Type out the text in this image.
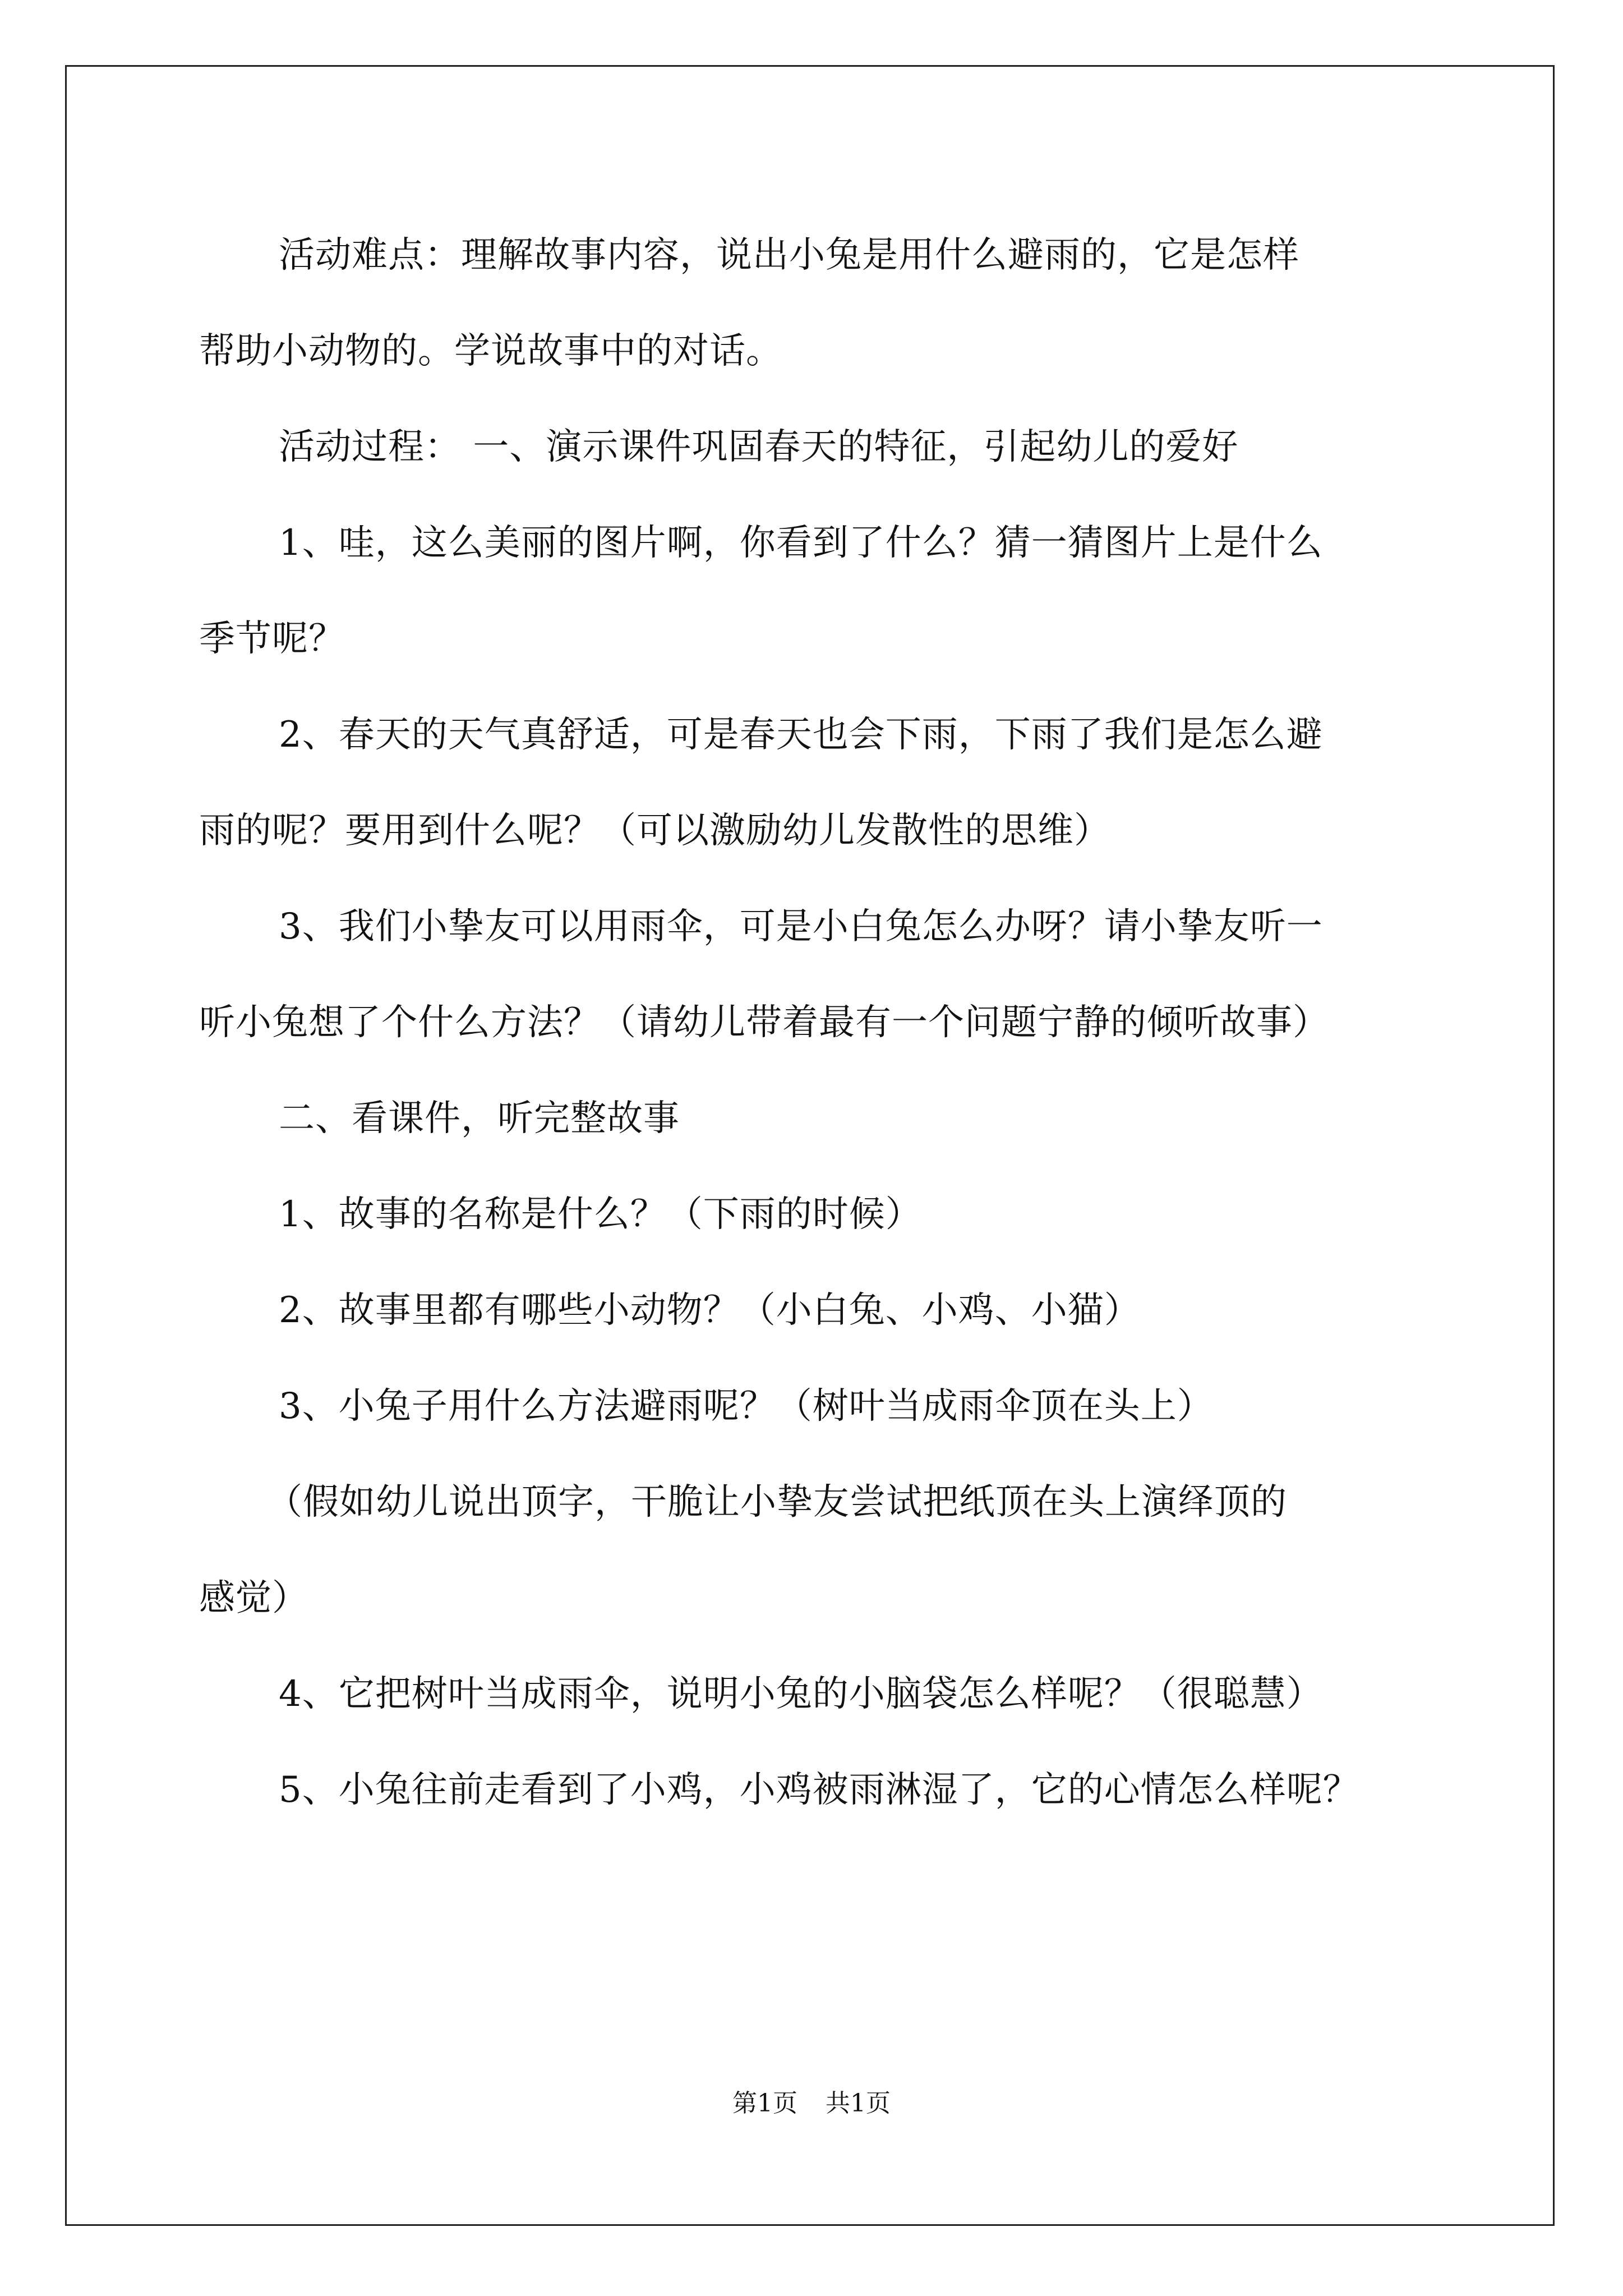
活动难点：理解故事内容，说出小兔是用什么避雨的，它是怎样

帮助小动物的。学说故事中的对话。

活动过程： 一、演示课件巩固春天的特征，引起幼儿的爱好

1、哇，这么美丽的图片啊，你看到了什么？猜一猜图片上是什么

季节呢？

2、春天的天气真舒适，可是春天也会下雨，下雨了我们是怎么避

雨的呢？要用到什么呢？（可以激励幼儿发散性的思维）

3、我们小挚友可以用雨伞，可是小白兔怎么办呀？请小挚友听一

听小兔想了个什么方法？（请幼儿带着最有一个问题宁静的倾听故事）

二、看课件，听完整故事

1、故事的名称是什么？（下雨的时候）

2、故事里都有哪些小动物？（小白兔、小鸡、小猫）

3、小兔子用什么方法避雨呢？（树叶当成雨伞顶在头上）

（假如幼儿说出顶字，干脆让小挚友尝试把纸顶在头上演绎顶的

感觉）

4、它把树叶当成雨伞，说明小兔的小脑袋怎么样呢？（很聪慧）

5、小兔往前走看到了小鸡，小鸡被雨淋湿了，它的心情怎么样呢？

第1页 共1页
